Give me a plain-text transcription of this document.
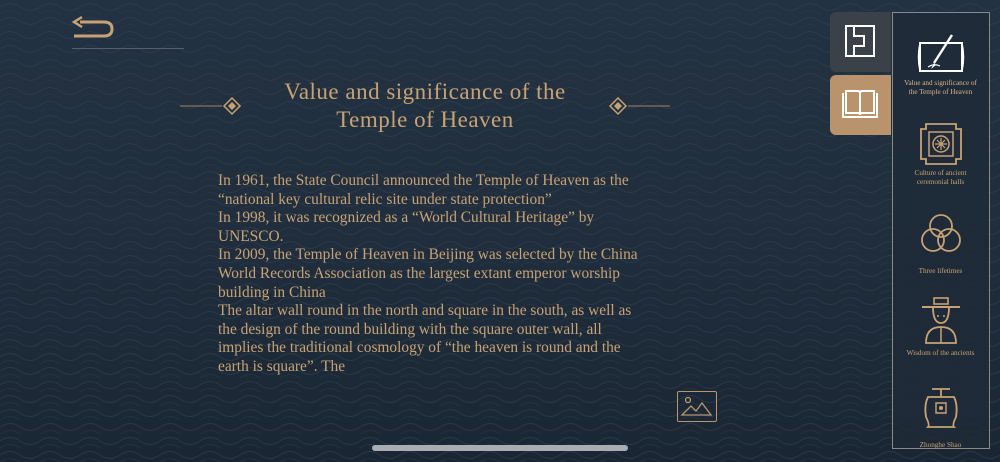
Value and significance of the Temple of Heaven

In 1961, the State Council announced the Temple of Heaven as the “national key cultural relic site under state protection”

In 1998, it was recognized as a “World Cultural Heritage” by UNESCO.

In 2009, the Temple of Heaven in Beijing was selected by the China World Records Association as the largest extant emperor worship building in China

The altar wall round in the north and square in the south, as well as the design of the round building with the square outer wall, all implies the traditional cosmology of “the heaven is round and the earth is square”. The

Value and significance of the Temple of Heaven
Culture of ancient ceremonial halls
Three lifetimes
Wisdom of the ancients
Zhonghe Shao
